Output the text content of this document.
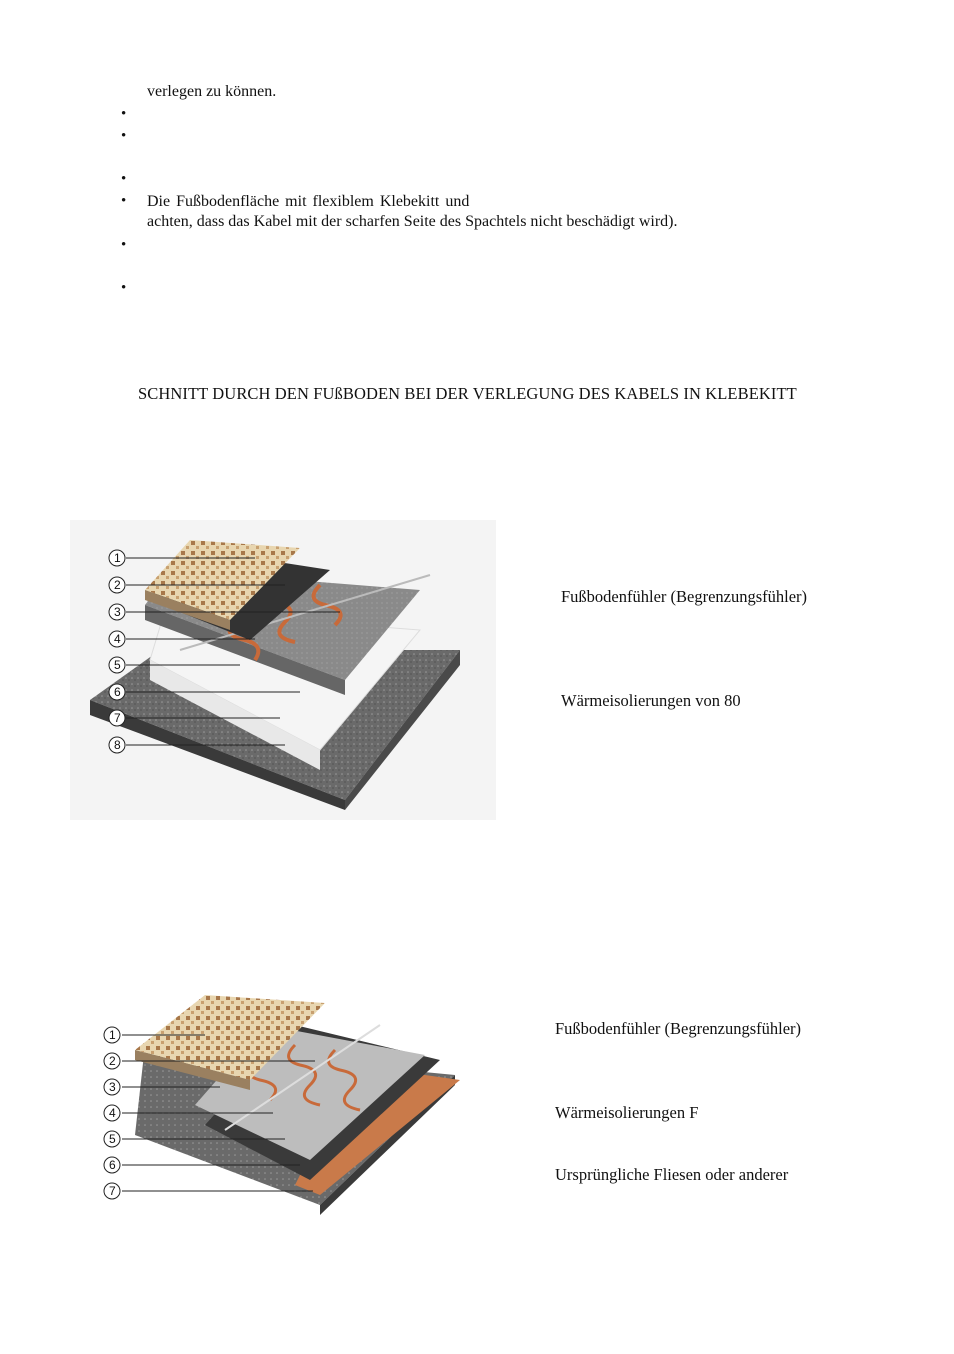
verlegen zu können.
•
•
•
• Die Fußbodenfläche mit flexiblem Klebekitt und
achten, dass das Kabel mit der scharfen Seite des Spachtels nicht beschädigt wird).
•
•
SCHNITT DURCH DEN FUßBODEN BEI DER VERLEGUNG DES KABELS IN KLEBEKITT
1
2
3
4
5
6
7
8
Fußbodenfühler (Begrenzungsfühler)
Wärmeisolierungen von 80
1
2
3
4
5
6
7
Fußbodenfühler (Begrenzungsfühler)
Wärmeisolierungen F
Ursprüngliche Fliesen oder anderer
